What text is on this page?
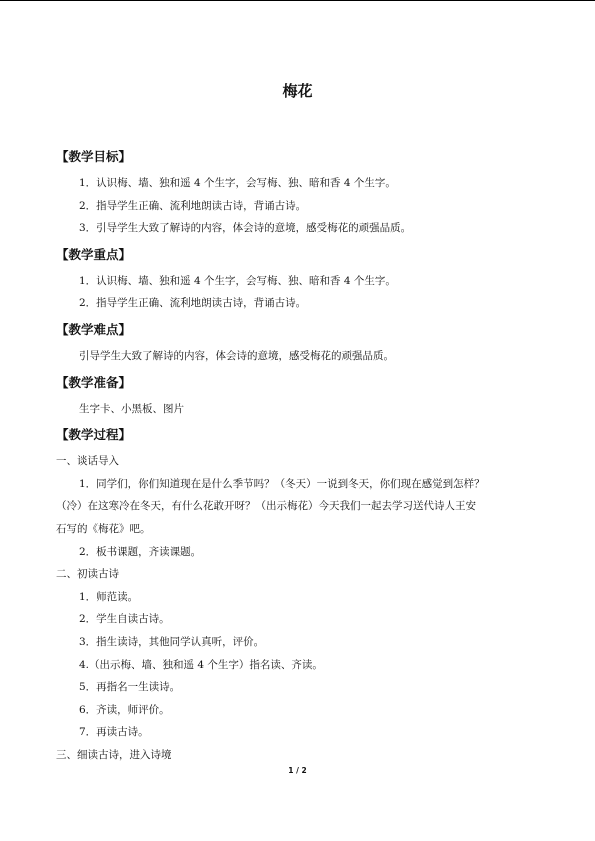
梅花
【教学目标】
1．认识梅、墙、独和遥 4 个生字，会写梅、独、暗和香 4 个生字。
2．指导学生正确、流利地朗读古诗，背诵古诗。
3．引导学生大致了解诗的内容，体会诗的意境，感受梅花的顽强品质。
【教学重点】
1．认识梅、墙、独和遥 4 个生字，会写梅、独、暗和香 4 个生字。
2．指导学生正确、流利地朗读古诗，背诵古诗。
【教学难点】
引导学生大致了解诗的内容，体会诗的意境，感受梅花的顽强品质。
【教学准备】
生字卡、小黑板、图片
【教学过程】
一、谈话导入
1．同学们，你们知道现在是什么季节吗？（冬天）一说到冬天，你们现在感觉到怎样？
（冷）在这寒冷在冬天，有什么花敢开呀？（出示梅花）今天我们一起去学习送代诗人王安
石写的《梅花》吧。
2．板书课题，齐读课题。
二、初读古诗
1．师范读。
2．学生自读古诗。
3．指生读诗，其他同学认真听，评价。
4.（出示梅、墙、独和遥 4 个生字）指名读、齐读。
5．再指名一生读诗。
6．齐读，师评价。
7．再读古诗。
三、细读古诗，进入诗境
1 / 2
